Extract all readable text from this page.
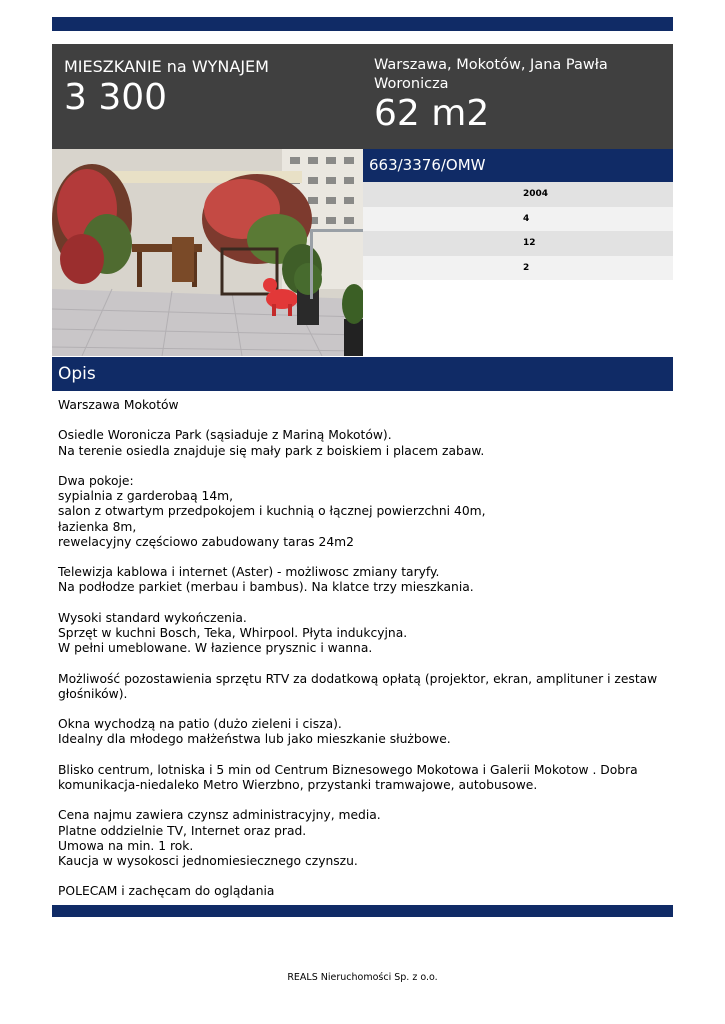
MIESZKANIE na WYNAJEM
3 300
Warszawa, Mokotów, Jana Pawła Woronicza
62 m2
663/3376/OMW
2004
4
12
2
Opis

Warszawa Mokotów

Osiedle Woronicza Park (sąsiaduje z Mariną Mokotów).
Na terenie osiedla znajduje się mały park z boiskiem i placem zabaw.

Dwa pokoje:
sypialnia z garderobaą 14m,
salon z otwartym przedpokojem i kuchnią o łącznej powierzchni 40m,
łazienka 8m,
rewelacyjny częściowo zabudowany taras 24m2

Telewizja kablowa i internet (Aster) - możliwosc zmiany taryfy.
Na podłodze parkiet (merbau i bambus). Na klatce trzy mieszkania.

Wysoki standard wykończenia.
Sprzęt w kuchni Bosch, Teka, Whirpool. Płyta indukcyjna.
W pełni umeblowane. W łazience prysznic i wanna.

Możliwość pozostawienia sprzętu RTV za dodatkową opłatą (projektor, ekran, amplituner i zestaw
głośników).

Okna wychodzą na patio (dużo zieleni i cisza).
Idealny dla młodego małżeństwa lub jako mieszkanie służbowe.

Blisko centrum, lotniska i 5 min od Centrum Biznesowego Mokotowa i Galerii Mokotow . Dobra
komunikacja-niedaleko Metro Wierzbno, przystanki tramwajowe, autobusowe.

Cena najmu zawiera czynsz administracyjny, media.
Platne oddzielnie TV, Internet oraz prad.
Umowa na min. 1 rok.
Kaucja w wysokosci jednomiesiecznego czynszu.

POLECAM i zachęcam do oglądania

REALS Nieruchomości Sp. z o.o.
